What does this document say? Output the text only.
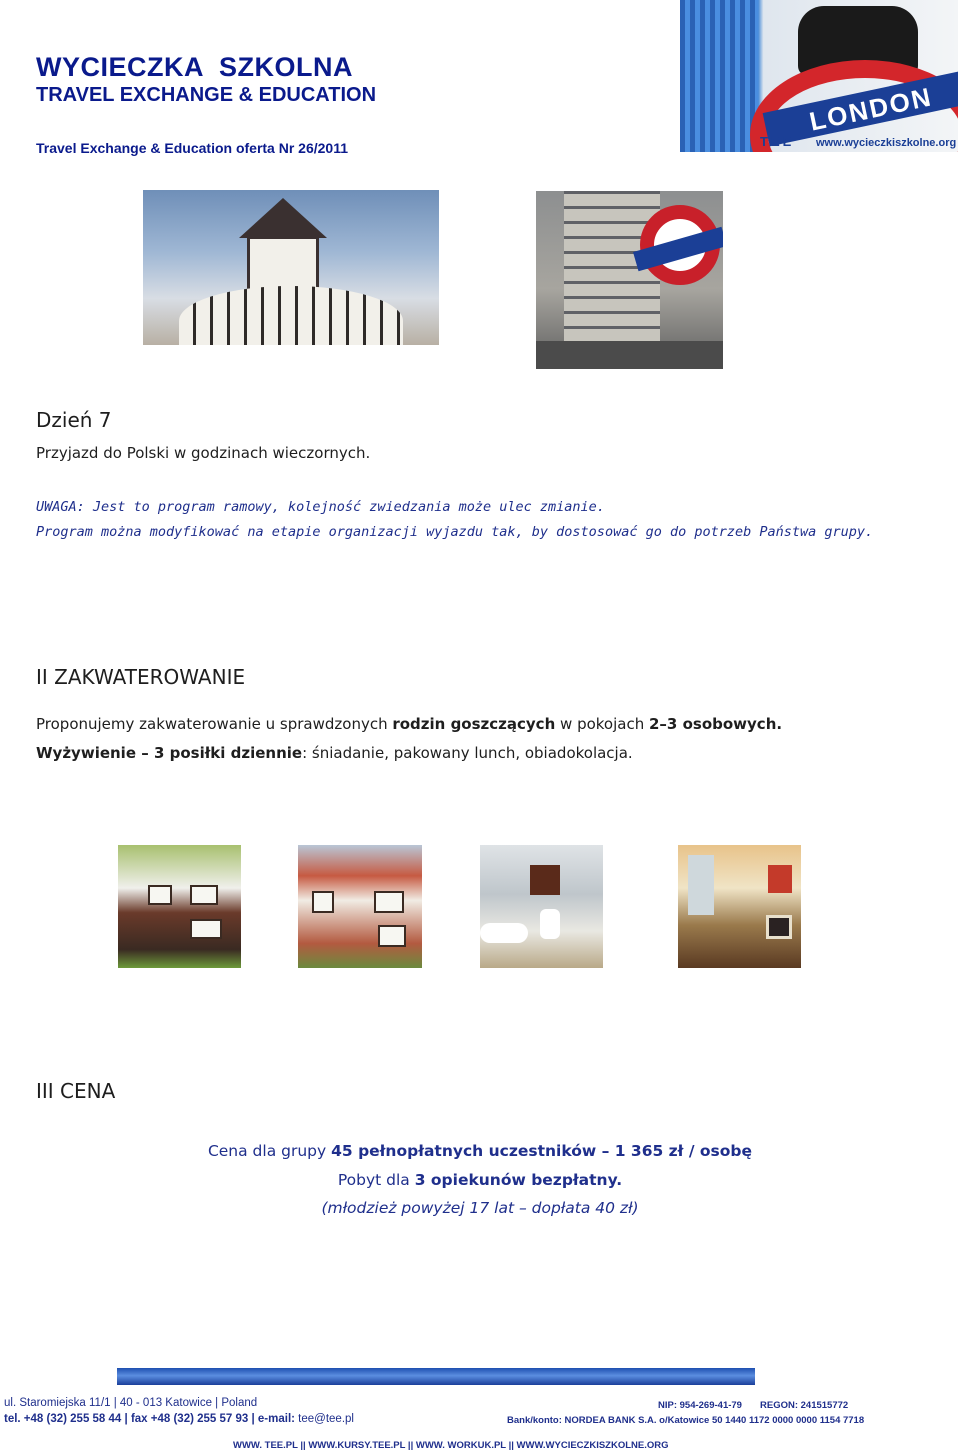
WYCIECZKA  SZKOLNA
TRAVEL EXCHANGE & EDUCATION
Travel Exchange & Education oferta Nr 26/2011
LONDON
TEE www.wycieczkiszkolne.org
Dzień 7
Przyjazd do Polski w godzinach wieczornych.
UWAGA: Jest to program ramowy, kolejność zwiedzania może ulec zmianie.
Program można modyfikować na etapie organizacji wyjazdu tak, by dostosować go do potrzeb Państwa grupy.
II ZAKWATEROWANIE
Proponujemy zakwaterowanie u sprawdzonych rodzin goszczących w pokojach 2–3 osobowych.
Wyżywienie – 3 posiłki dziennie: śniadanie, pakowany lunch, obiadokolacja.
III CENA
Cena dla grupy 45 pełnopłatnych uczestników – 1 365 zł / osobę
Pobyt dla 3 opiekunów bezpłatny.
(młodzież powyżej 17 lat – dopłata 40 zł)
ul. Staromiejska 11/1 | 40 - 013 Katowice | Poland
tel. +48 (32) 255 58 44 | fax +48 (32) 255 57 93 | e-mail: tee@tee.pl
NIP: 954-269-41-79 REGON: 241515772
Bank/konto: NORDEA BANK S.A. o/Katowice 50 1440 1172 0000 0000 1154 7718
WWW. TEE.PL || WWW.KURSY.TEE.PL || WWW. WORKUK.PL || WWW.WYCIECZKISZKOLNE.ORG
